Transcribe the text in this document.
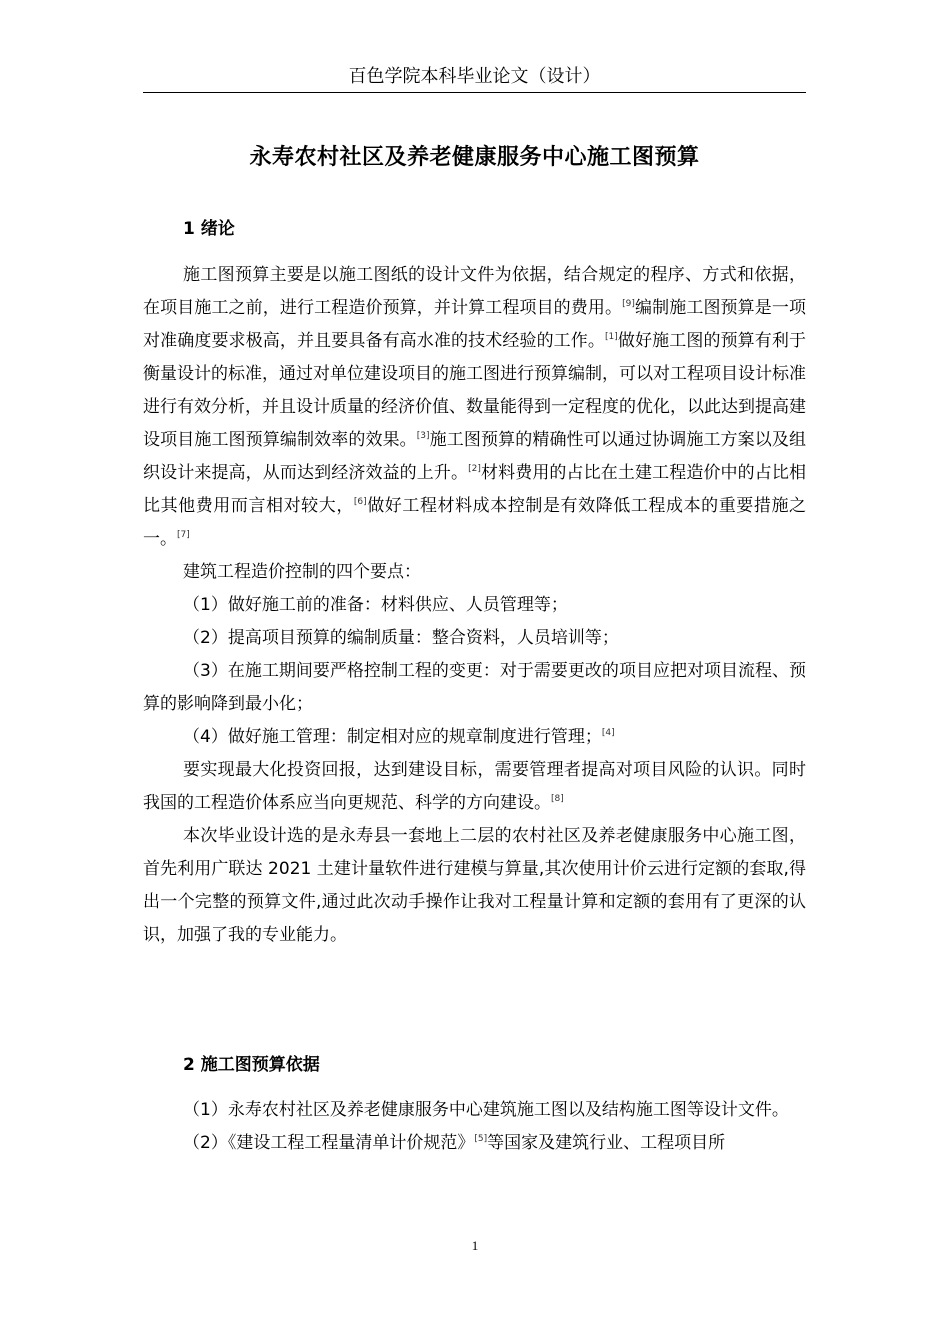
百色学院本科毕业论文（设计）
永寿农村社区及养老健康服务中心施工图预算
1 绪论

施工图预算主要是以施工图纸的设计文件为依据，结合规定的程序、方式和依据，在项目施工之前，进行工程造价预算，并计算工程项目的费用。[9]编制施工图预算是一项对准确度要求极高，并且要具备有高水准的技术经验的工作。[1]做好施工图的预算有利于衡量设计的标准，通过对单位建设项目的施工图进行预算编制，可以对工程项目设计标准进行有效分析，并且设计质量的经济价值、数量能得到一定程度的优化，以此达到提高建设项目施工图预算编制效率的效果。[3]施工图预算的精确性可以通过协调施工方案以及组织设计来提高，从而达到经济效益的上升。[2]材料费用的占比在土建工程造价中的占比相比其他费用而言相对较大，[6]做好工程材料成本控制是有效降低工程成本的重要措施之一。[7]

建筑工程造价控制的四个要点：

（1）做好施工前的准备：材料供应、人员管理等；

（2）提高项目预算的编制质量：整合资料，人员培训等；

（3）在施工期间要严格控制工程的变更：对于需要更改的项目应把对项目流程、预算的影响降到最小化；

（4）做好施工管理：制定相对应的规章制度进行管理；[4]

要实现最大化投资回报，达到建设目标，需要管理者提高对项目风险的认识。同时我国的工程造价体系应当向更规范、科学的方向建设。[8]

本次毕业设计选的是永寿县一套地上二层的农村社区及养老健康服务中心施工图，首先利用广联达 2021 土建计量软件进行建模与算量,其次使用计价云进行定额的套取,得出一个完整的预算文件,通过此次动手操作让我对工程量计算和定额的套用有了更深的认识，加强了我的专业能力。

2 施工图预算依据

（1）永寿农村社区及养老健康服务中心建筑施工图以及结构施工图等设计文件。

（2）《建设工程工程量清单计价规范》[5]等国家及建筑行业、工程项目所

1
